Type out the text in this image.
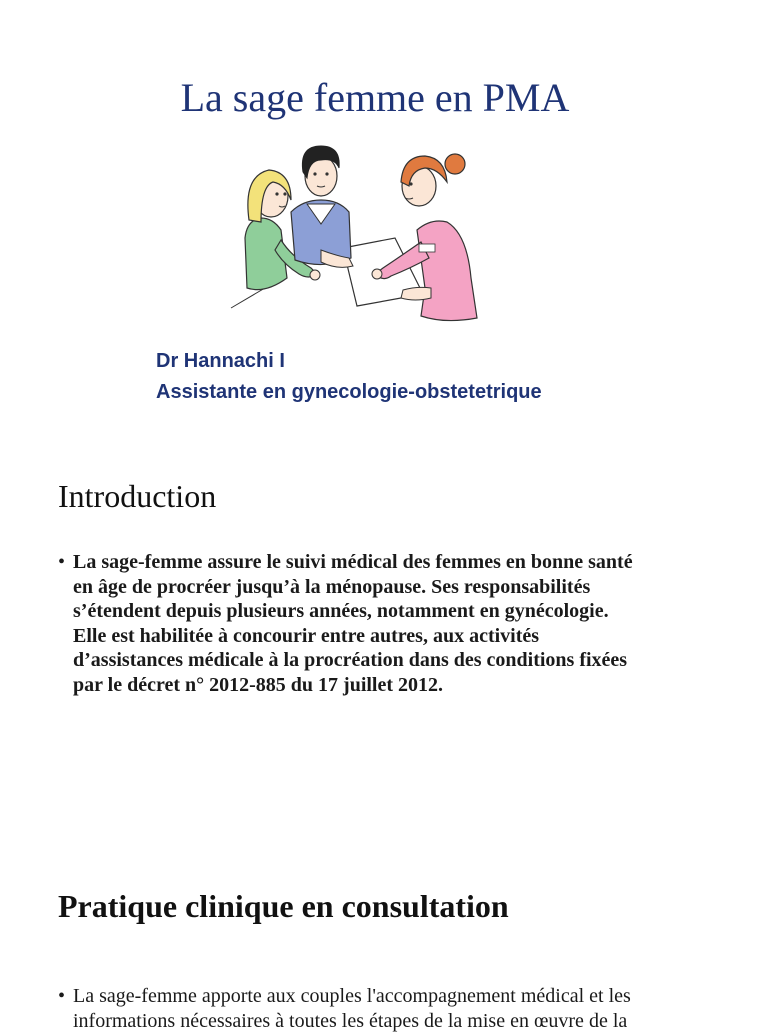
La sage femme en PMA
Dr Hannachi I
Assistante en gynecologie-obstetetrique
Introduction
• La sage-femme assure le suivi médical des femmes en bonne santé
en âge de procréer jusqu’à la ménopause. Ses responsabilités
s’étendent depuis plusieurs années, notamment en gynécologie.
Elle est habilitée à concourir entre autres, aux activités
d’assistances médicale à la procréation dans des conditions fixées
par le décret n° 2012-885 du 17 juillet 2012.
Pratique clinique en consultation
• La sage-femme apporte aux couples l'accompagnement médical et les
informations nécessaires à toutes les étapes de la mise en œuvre de la
